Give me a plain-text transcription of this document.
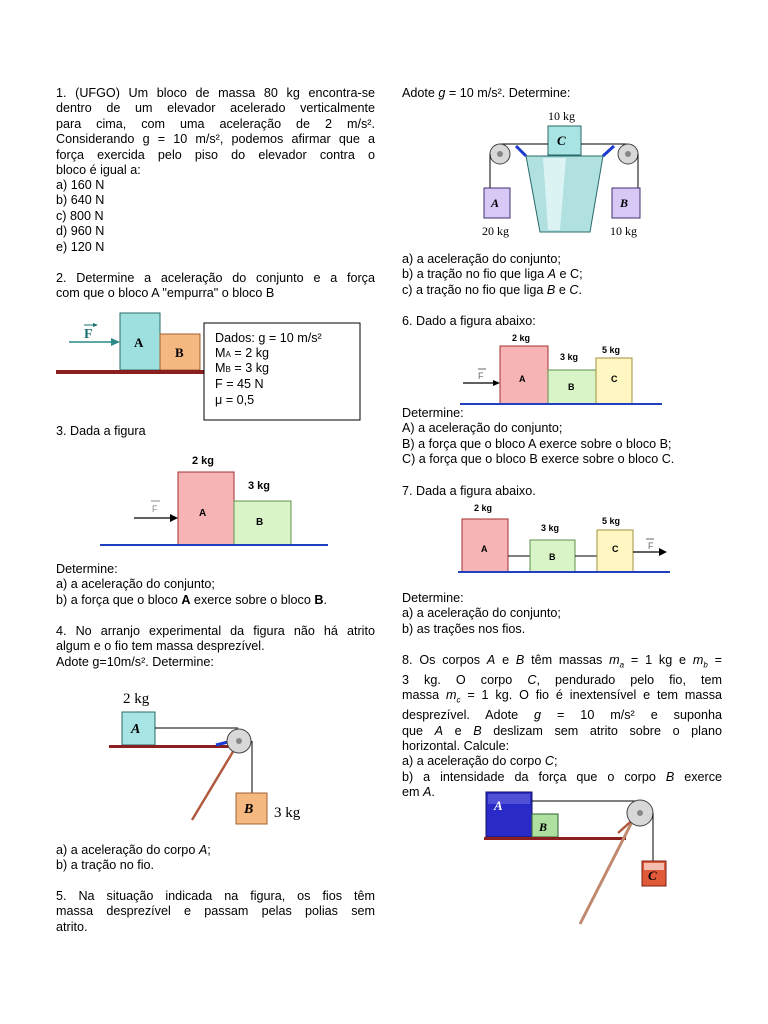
1. (UFGO) Um bloco de massa 80 kg encontra-se
dentro de um elevador acelerado verticalmente
para cima, com uma aceleração de 2 m/s².
Considerando g = 10 m/s², podemos afirmar que a
força exercida pelo piso do elevador contra o
bloco é igual a:
a) 160 N
b) 640 N
c) 800 N
d) 960 N
e) 120 N
2. Determine a aceleração do conjunto e a força
com que o bloco A "empurra" o bloco B
F
A
B
Dados: g = 10 m/s²
MA = 2 kg
MB = 3 kg
F = 45 N
μ = 0,5
3. Dada a figura
2 kg
3 kg
A
B
F
Determine:
a) a aceleração do conjunto;
b) a força que o bloco A exerce sobre o bloco B.
4. No arranjo experimental da figura não há atrito
algum e o fio tem massa desprezível.
Adote g=10m/s². Determine:
2 kg
A
B 3 kg
a) a aceleração do corpo A;
b) a tração no fio.
5. Na situação indicada na figura, os fios têm
massa desprezível e passam pelas polias sem
atrito.
Adote g = 10 m/s². Determine:
10 kg
C
A	B
20 kg	10 kg
a) a aceleração do conjunto;
b) a tração no fio que liga A e C;
c) a tração no fio que liga B e C.
6. Dado a figura abaixo:
2 kg
3 kg
5 kg
A
B
C
F
Determine:
A) a aceleração do conjunto;
B) a força que o bloco A exerce sobre o bloco B;
C) a força que o bloco B exerce sobre o bloco C.
7. Dada a figura abaixo.
2 kg
3 kg
5 kg
A
B
C	F
Determine:
a) a aceleração do conjunto;
b) as trações nos fios.
8. Os corpos A e B têm massas $m_a = 1$ kg e $m_b$ =
3 kg. O corpo C, pendurado pelo fio, tem
massa $m_c = 1$ kg. O fio é inextensível e tem massa
desprezível. Adote g = 10 m/s² e suponha
que A e B deslizam sem atrito sobre o plano
horizontal. Calcule:
a) a aceleração do corpo C;
b) a intensidade da força que o corpo B exerce
em A.
A
B
C
